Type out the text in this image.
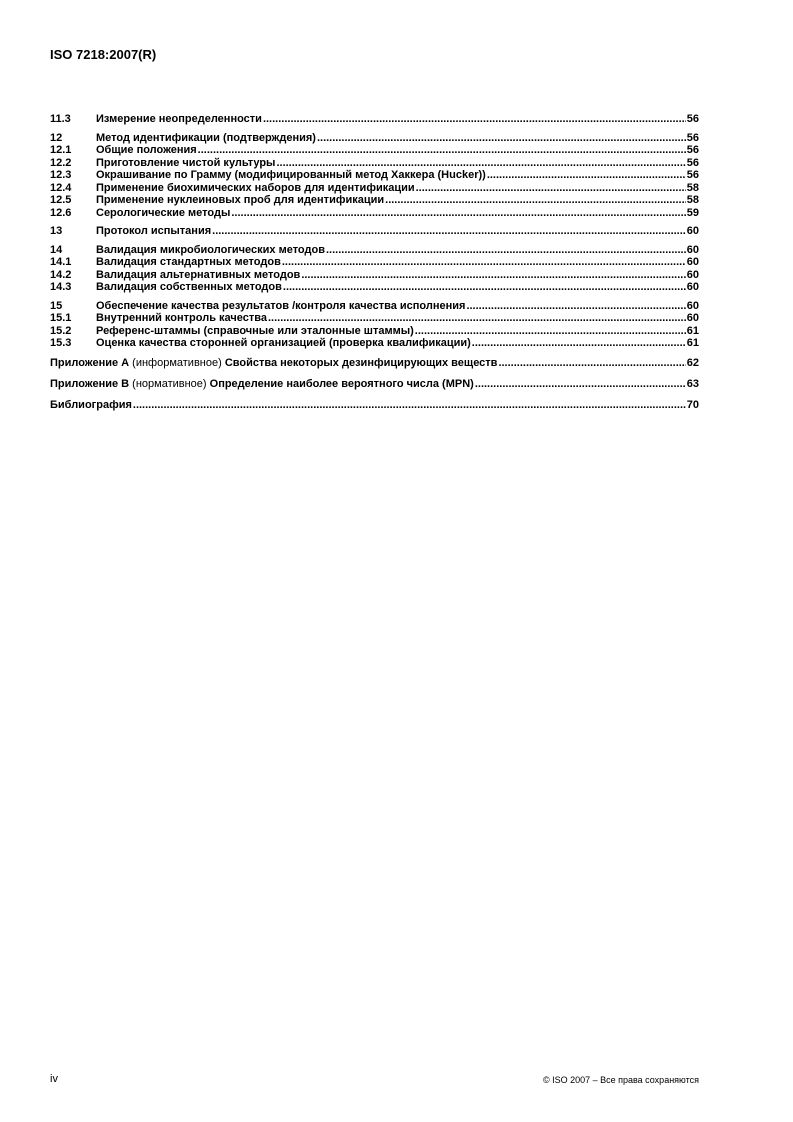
ISO 7218:2007(R)
11.3	Измерение неопределенности .....	56
12	Метод идентификации (подтверждения) .....	56
12.1	Общие положения .....	56
12.2	Приготовление чистой культуры .....	56
12.3	Окрашивание по Грамму (модифицированный метод Хаккера (Hucker)) .....	56
12.4	Применение биохимических наборов для идентификации .....	58
12.5	Применение нуклеиновых проб для идентификации .....	58
12.6	Серологические методы .....	59
13	Протокол испытания .....	60
14	Валидация микробиологических методов .....	60
14.1	Валидация стандартных методов .....	60
14.2	Валидация альтернативных методов .....	60
14.3	Валидация собственных методов .....	60
15	Обеспечение качества результатов /контроля качества исполнения .....	60
15.1	Внутренний контроль качества .....	60
15.2	Референс-штаммы (справочные или эталонные штаммы) .....	61
15.3	Оценка качества сторонней организацией (проверка квалификации) .....	61
Приложение А (информативное) Свойства некоторых дезинфицирующих веществ .....	62
Приложение В (нормативное) Определение наиболее вероятного числа (MPN) .....	63
Библиография .....	70
iv	© ISO 2007 – Все права сохраняются
